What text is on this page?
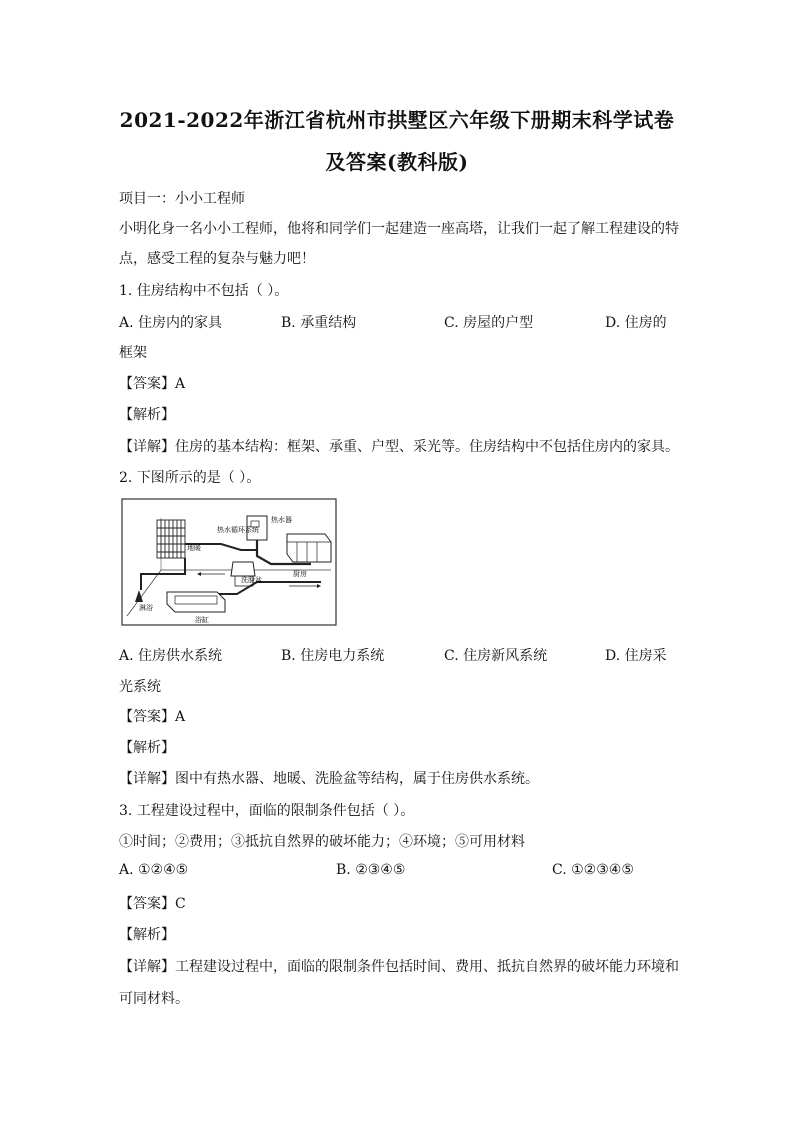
2021-2022年浙江省杭州市拱墅区六年级下册期末科学试卷
及答案(教科版)
项目一：小小工程师
小明化身一名小小工程师，他将和同学们一起建造一座高塔，让我们一起了解工程建设的特
点，感受工程的复杂与魅力吧！
1. 住房结构中不包括（ ）。
A. 住房内的家具	B. 承重结构	C. 房屋的户型	D. 住房的
框架
【答案】A
【解析】
【详解】住房的基本结构：框架、承重、户型、采光等。住房结构中不包括住房内的家具。
2. 下图所示的是（ ）。
热水器
热水循环系统
地暖
淋浴
浴缸
洗脸盆
厨房
A. 住房供水系统	B. 住房电力系统	C. 住房新风系统	D. 住房采
光系统
【答案】A
【解析】
【详解】图中有热水器、地暖、洗脸盆等结构，属于住房供水系统。
3. 工程建设过程中，面临的限制条件包括（ ）。
①时间；②费用；③抵抗自然界的破坏能力；④环境；⑤可用材料
A. ①②④⑤	B. ②③④⑤	C. ①②③④⑤
【答案】C
【解析】
【详解】工程建设过程中，面临的限制条件包括时间、费用、抵抗自然界的破坏能力环境和
可同材料。
